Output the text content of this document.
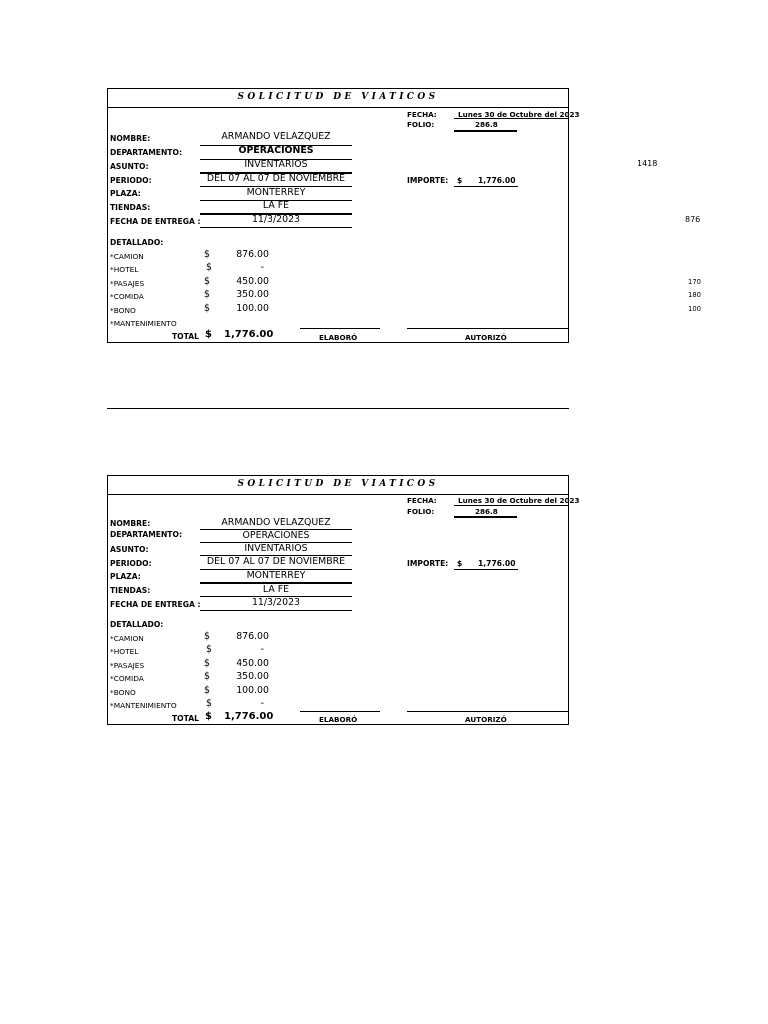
SOLICITUD DE VIATICOS
FECHA:	Lunes 30 de Octubre del 2023
FOLIO:	286.8
NOMBRE:	ARMANDO VELAZQUEZ
DEPARTAMENTO:	OPERACIONES
ASUNTO:	INVENTARIOS
PERIODO:	DEL 07 AL 07 DE NOVIEMBRE	IMPORTE: $ 1,776.00
PLAZA:	MONTERREY
TIENDAS:	LA FE
FECHA DE ENTREGA :	11/3/2023
DETALLADO:
*CAMION	$	876.00
*HOTEL	$	-
*PASAJES	$	450.00
*COMIDA	$	350.00
*BONO	$	100.00
*MANTENIMIENTO
TOTAL $ 1,776.00	ELABORÓ	AUTORIZÓ
1418
876
170
180
100
SOLICITUD DE VIATICOS
FECHA:	Lunes 30 de Octubre del 2023
FOLIO:	286.8
NOMBRE:	ARMANDO VELAZQUEZ
DEPARTAMENTO:	OPERACIONES
ASUNTO:	INVENTARIOS
PERIODO:	DEL 07 AL 07 DE NOVIEMBRE	IMPORTE: $ 1,776.00
PLAZA:	MONTERREY
TIENDAS:	LA FE
FECHA DE ENTREGA :	11/3/2023
DETALLADO:
*CAMION	$	876.00
*HOTEL	$	-
*PASAJES	$	450.00
*COMIDA	$	350.00
*BONO	$	100.00
*MANTENIMIENTO	$	-
TOTAL $ 1,776.00	ELABORÓ	AUTORIZÓ
